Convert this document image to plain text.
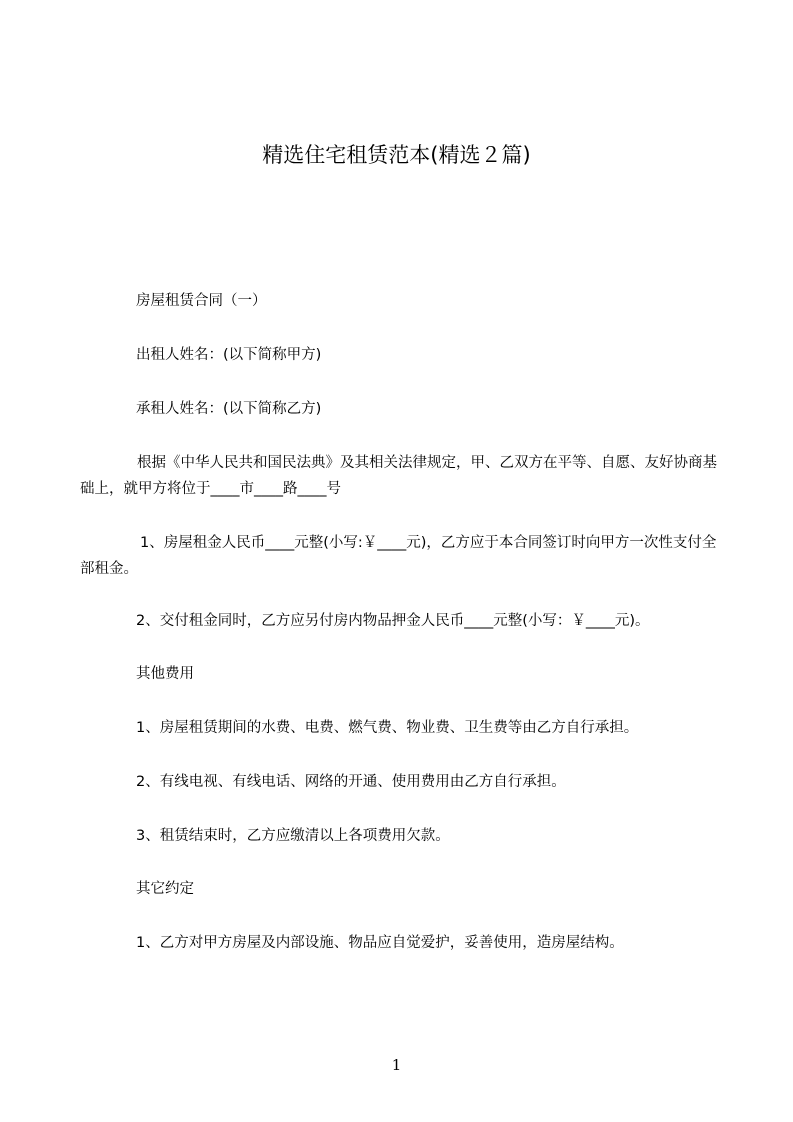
精选住宅租赁范本(精选２篇)
房屋租赁合同（一）
出租人姓名：(以下简称甲方)
承租人姓名：(以下简称乙方)
根据《中华人民共和国民法典》及其相关法律规定，甲、乙双方在平等、自愿、友好协商基础上，就甲方将位于____市____路____号
1、房屋租金人民币____元整(小写:￥____元)，乙方应于本合同签订时向甲方一次性支付全部租金。
2、交付租金同时，乙方应另付房内物品押金人民币____元整(小写：￥____元)。
其他费用
1、房屋租赁期间的水费、电费、燃气费、物业费、卫生费等由乙方自行承担。
2、有线电视、有线电话、网络的开通、使用费用由乙方自行承担。
3、租赁结束时，乙方应缴清以上各项费用欠款。
其它约定
1、乙方对甲方房屋及内部设施、物品应自觉爱护，妥善使用，造房屋结构。
1
